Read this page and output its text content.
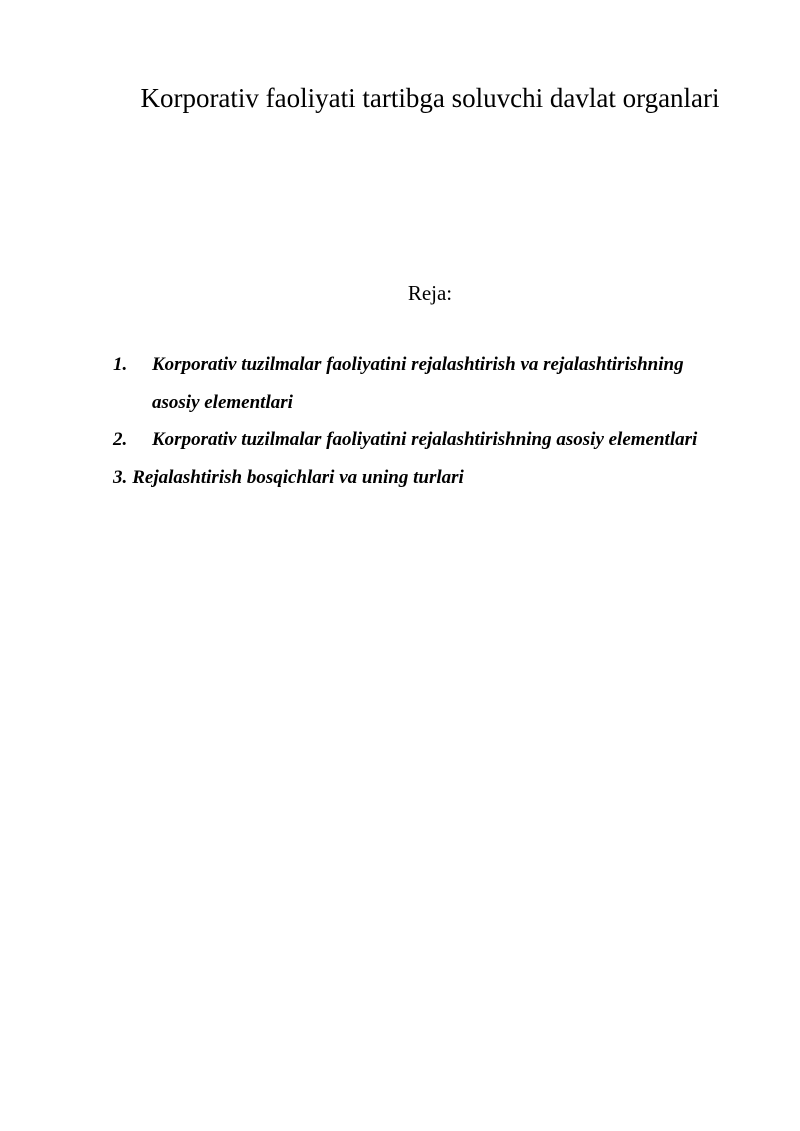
Korporativ faoliyati tartibga soluvchi davlat organlari
Reja:
1.	Korporativ tuzilmalar faoliyatini rejalashtirish va rejalashtirishning asosiy elementlari
2.	Korporativ tuzilmalar faoliyatini rejalashtirishning asosiy elementlari
3. Rejalashtirish bosqichlari va uning turlari
